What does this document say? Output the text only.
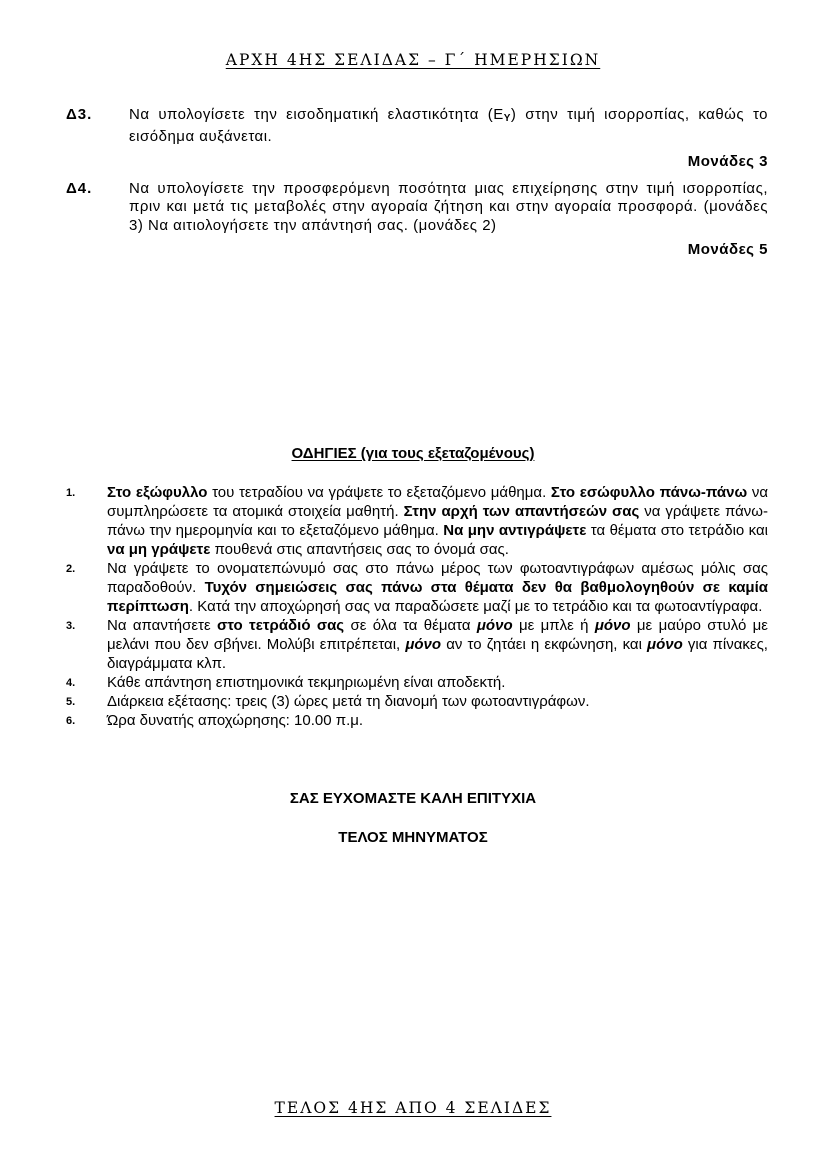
ΑΡΧΗ 4ΗΣ ΣΕΛΙΔΑΣ – Γ΄ ΗΜΕΡΗΣΙΩΝ
Δ3. Να υπολογίσετε την εισοδηματική ελαστικότητα $(E_Y)$ στην τιμή ισορροπίας, καθώς το εισόδημα αυξάνεται.
Μονάδες 3
Δ4. Να υπολογίσετε την προσφερόμενη ποσότητα μιας επιχείρησης στην τιμή ισορροπίας, πριν και μετά τις μεταβολές στην αγοραία ζήτηση και στην αγοραία προσφορά. (μονάδες 3) Να αιτιολογήσετε την απάντησή σας. (μονάδες 2)
Μονάδες 5
ΟΔΗΓΙΕΣ (για τους εξεταζομένους)
1. Στο εξώφυλλο του τετραδίου να γράψετε το εξεταζόμενο μάθημα. Στο εσώφυλλο πάνω-πάνω να συμπληρώσετε τα ατομικά στοιχεία μαθητή. Στην αρχή των απαντήσεών σας να γράψετε πάνω-πάνω την ημερομηνία και το εξεταζόμενο μάθημα. Να μην αντιγράψετε τα θέματα στο τετράδιο και να μη γράψετε πουθενά στις απαντήσεις σας το όνομά σας.
2. Να γράψετε το ονοματεπώνυμό σας στο πάνω μέρος των φωτοαντιγράφων αμέσως μόλις σας παραδοθούν. Τυχόν σημειώσεις σας πάνω στα θέματα δεν θα βαθμολογηθούν σε καμία περίπτωση. Κατά την αποχώρησή σας να παραδώσετε μαζί με το τετράδιο και τα φωτοαντίγραφα.
3. Να απαντήσετε στο τετράδιό σας σε όλα τα θέματα μόνο με μπλε ή μόνο με μαύρο στυλό με μελάνι που δεν σβήνει. Μολύβι επιτρέπεται, μόνο αν το ζητάει η εκφώνηση, και μόνο για πίνακες, διαγράμματα κλπ.
4. Κάθε απάντηση επιστημονικά τεκμηριωμένη είναι αποδεκτή.
5. Διάρκεια εξέτασης: τρεις (3) ώρες μετά τη διανομή των φωτοαντιγράφων.
6. Ώρα δυνατής αποχώρησης: 10.00 π.μ.
ΣΑΣ ΕΥΧΟΜΑΣΤΕ ΚΑΛΗ ΕΠΙΤΥΧΙΑ
ΤΕΛΟΣ ΜΗΝΥΜΑΤΟΣ
ΤΕΛΟΣ 4ΗΣ ΑΠΟ 4 ΣΕΛΙΔΕΣ
